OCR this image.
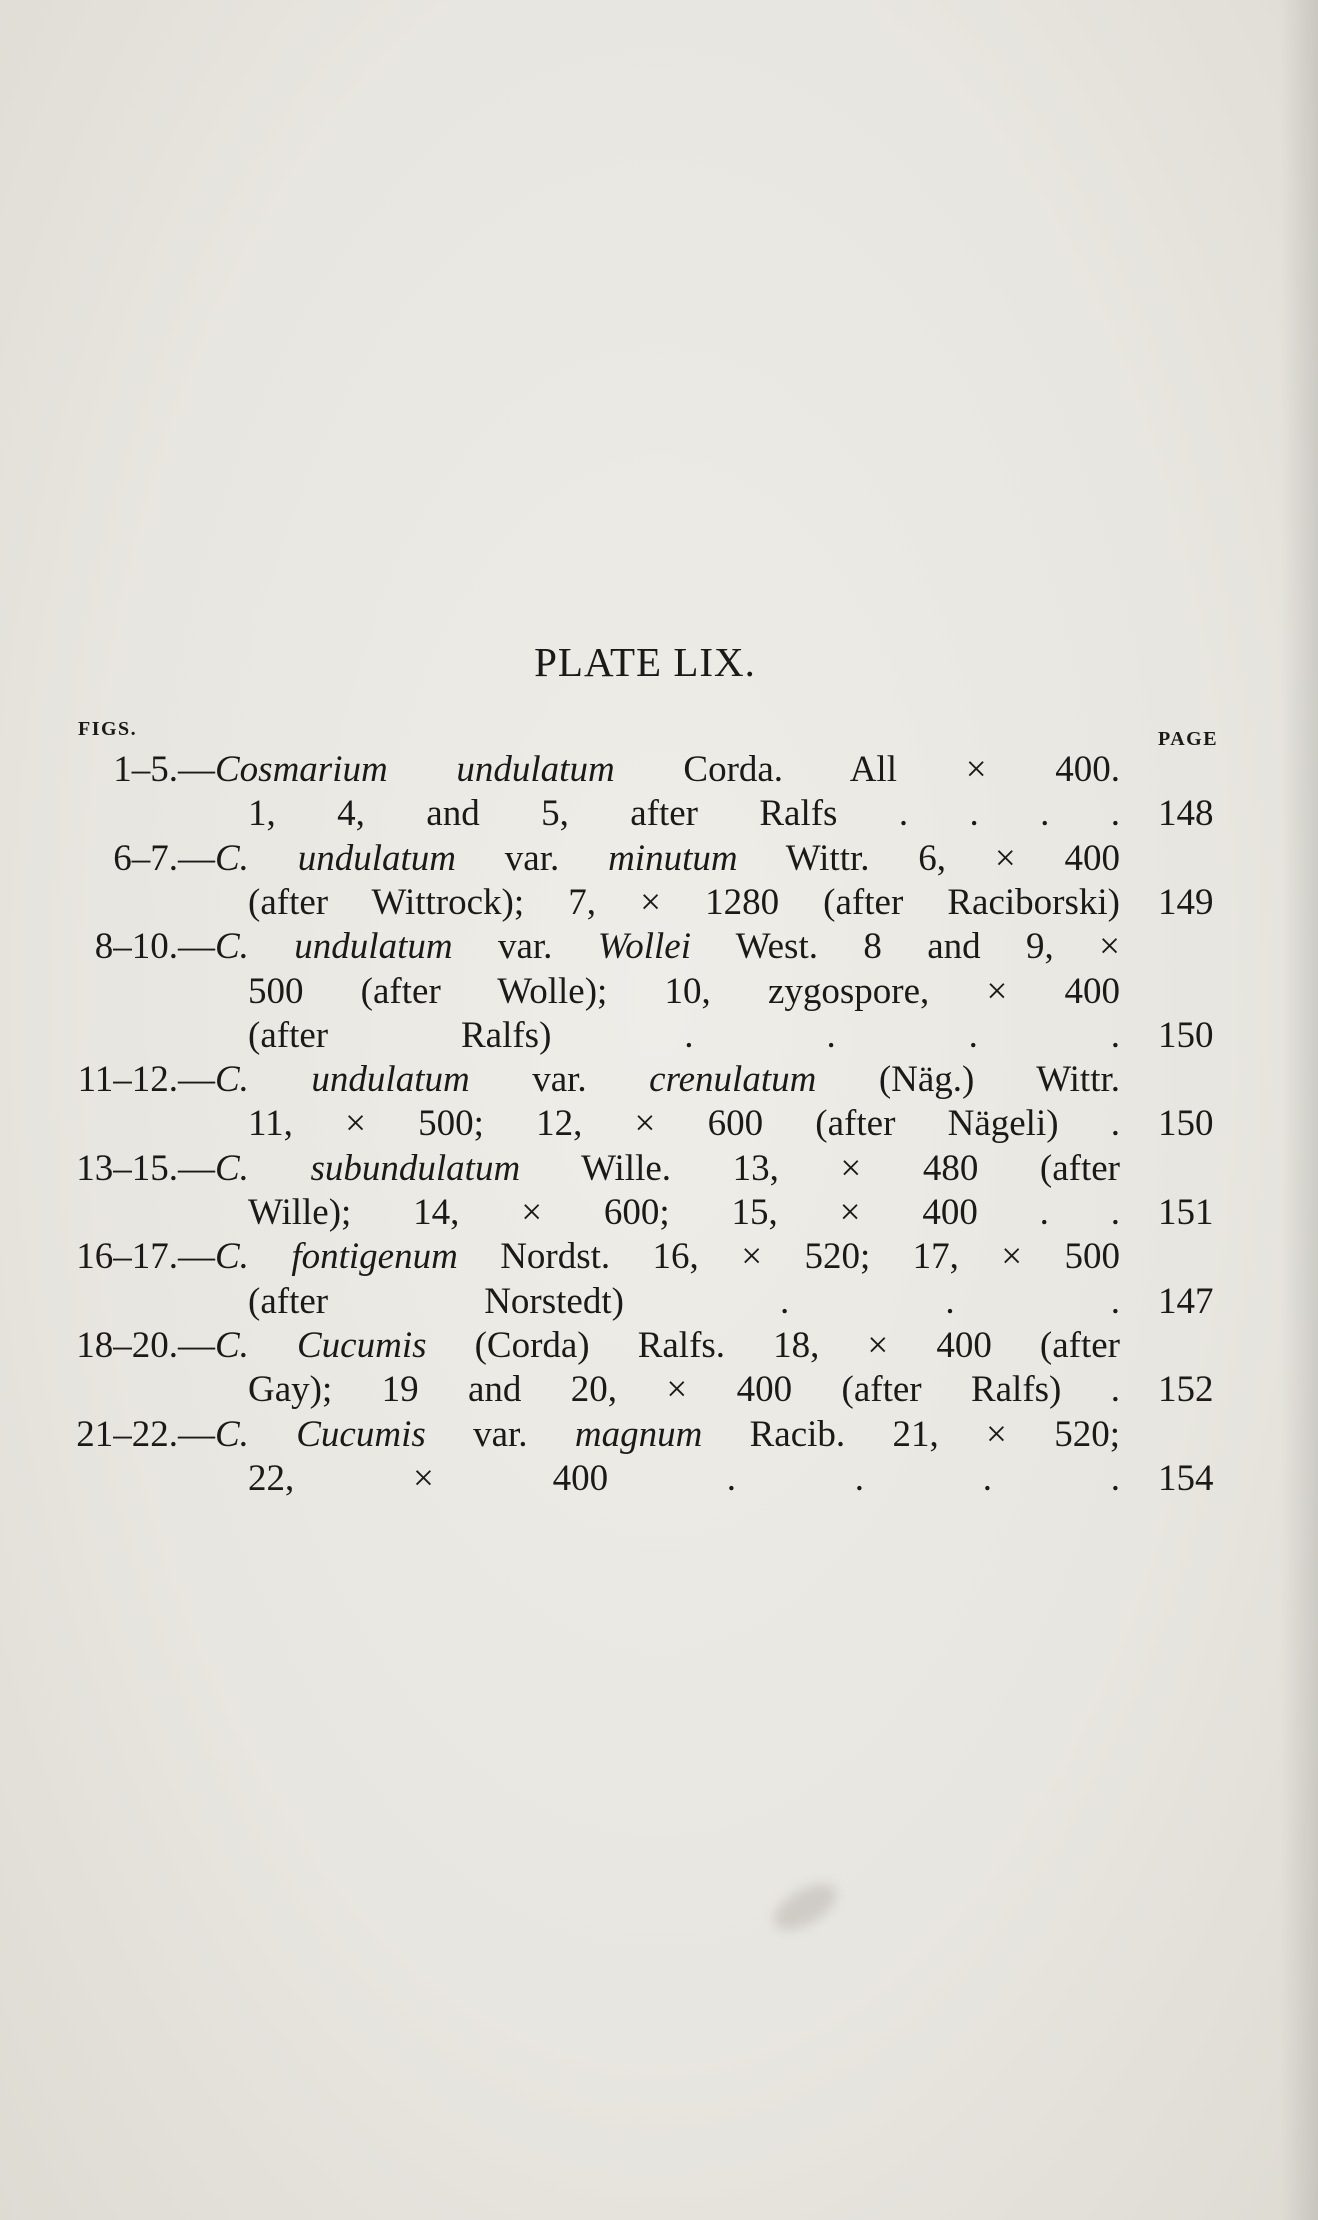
PLATE LIX.
FIGS.	PAGE
1–5. —Cosmarium undulatum Corda. All × 400.
1, 4, and 5, after Ralfs . . . . 148
6–7. —C. undulatum var. minutum Wittr. 6, × 400
(after Wittrock); 7, × 1280 (after Raciborski) 149
8–10. —C. undulatum var. Wollei West. 8 and 9, ×
500 (after Wolle); 10, zygospore, × 400
(after Ralfs) . . . . 150
11–12. —C. undulatum var. crenulatum (Näg.) Wittr.
11, × 500; 12, × 600 (after Nägeli) . 150
13–15. —C. subundulatum Wille. 13, × 480 (after
Wille); 14, × 600; 15, × 400 . . 151
16–17. —C. fontigenum Nordst. 16, × 520; 17, × 500
(after Norstedt) . . . 147
18–20. —C. Cucumis (Corda) Ralfs. 18, × 400 (after
Gay); 19 and 20, × 400 (after Ralfs) . 152
21–22. —C. Cucumis var. magnum Racib. 21, × 520;
22, × 400 . . . . 154
